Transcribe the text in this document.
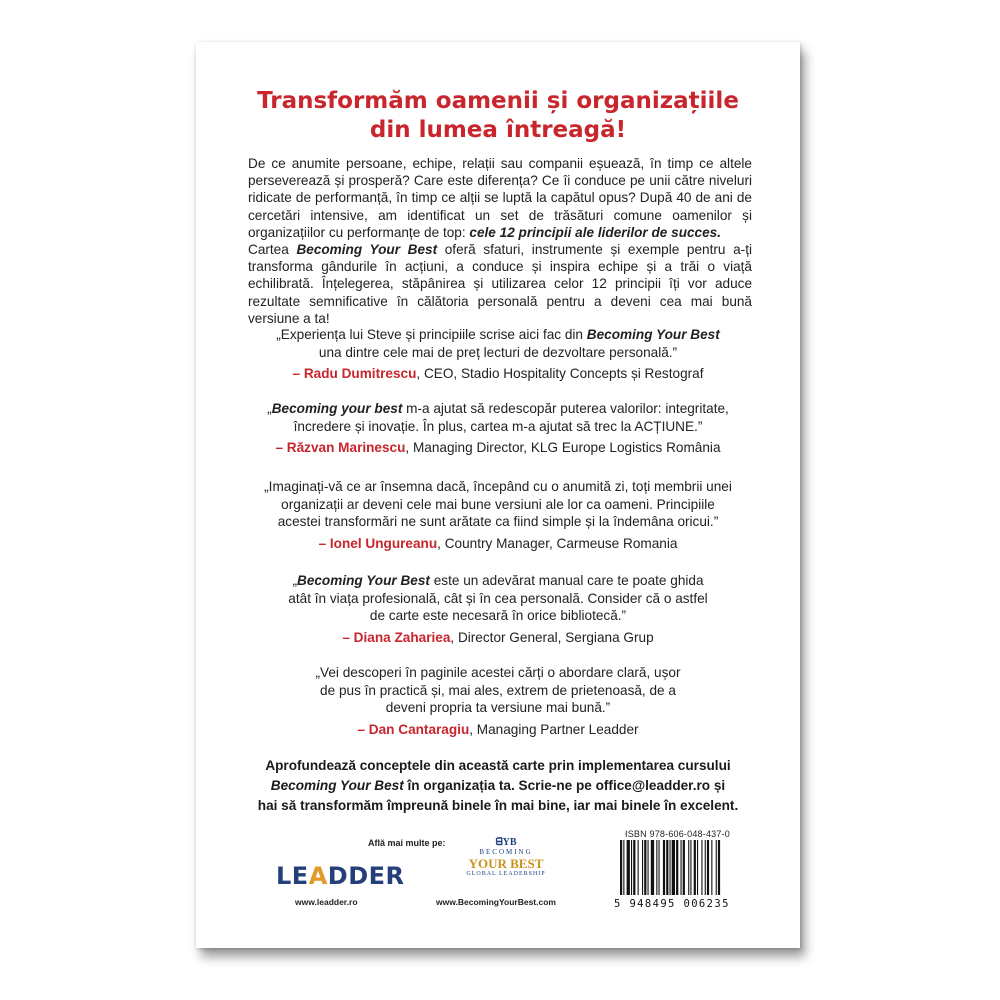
Transformăm oamenii și organizațiile
din lumea întreagă!

De ce anumite persoane, echipe, relații sau companii eșuează, în timp ce altele perseverează și prosperă? Care este diferența? Ce îi conduce pe unii către niveluri ridicate de performanță, în timp ce alții se luptă la capătul opus? După 40 de ani de cercetări intensive, am identificat un set de trăsături comune oamenilor și organizațiilor cu performanțe de top: cele 12 principii ale liderilor de succes.

Cartea Becoming Your Best oferă sfaturi, instrumente și exemple pentru a-ți transforma gândurile în acțiuni, a conduce și inspira echipe și a trăi o viață echilibrată. Înțelegerea, stăpânirea și utilizarea celor 12 principii îți vor aduce rezultate semnificative în călătoria personală pentru a deveni cea mai bună versiune a ta!

„Experiența lui Steve și principiile scrise aici fac din Becoming Your Best una dintre cele mai de preț lecturi de dezvoltare personală.”

– Radu Dumitrescu, CEO, Stadio Hospitality Concepts și Restograf

„Becoming your best m-a ajutat să redescopăr puterea valorilor: integritate, încredere și inovație. În plus, cartea m-a ajutat să trec la ACȚIUNE.”

– Răzvan Marinescu, Managing Director, KLG Europe Logistics România

„Imaginați-vă ce ar însemna dacă, începând cu o anumită zi, toți membrii unei organizații ar deveni cele mai bune versiuni ale lor ca oameni. Principiile acestei transformări ne sunt arătate ca fiind simple și la îndemâna oricui.”

– Ionel Ungureanu, Country Manager, Carmeuse Romania

„Becoming Your Best este un adevărat manual care te poate ghida atât în viața profesională, cât și în cea personală. Consider că o astfel de carte este necesară în orice bibliotecă.”

– Diana Zahariea, Director General, Sergiana Grup

„Vei descoperi în paginile acestei cărți o abordare clară, ușor de pus în practică și, mai ales, extrem de prietenoasă, de a deveni propria ta versiune mai bună.”

– Dan Cantaragiu, Managing Partner Leadder

Aprofundează conceptele din această carte prin implementarea cursului
Becoming Your Best în organizația ta. Scrie-ne pe office@leadder.ro și
hai să transformăm împreună binele în mai bine, iar mai binele în excelent.
Află mai multe pe:
LEADDER
www.leadder.ro
ᗺYB
BECOMING
YOUR BEST
GLOBAL LEADERSHIP
www.BecomingYourBest.com
ISBN 978-606-048-437-0
5 948495 006235
